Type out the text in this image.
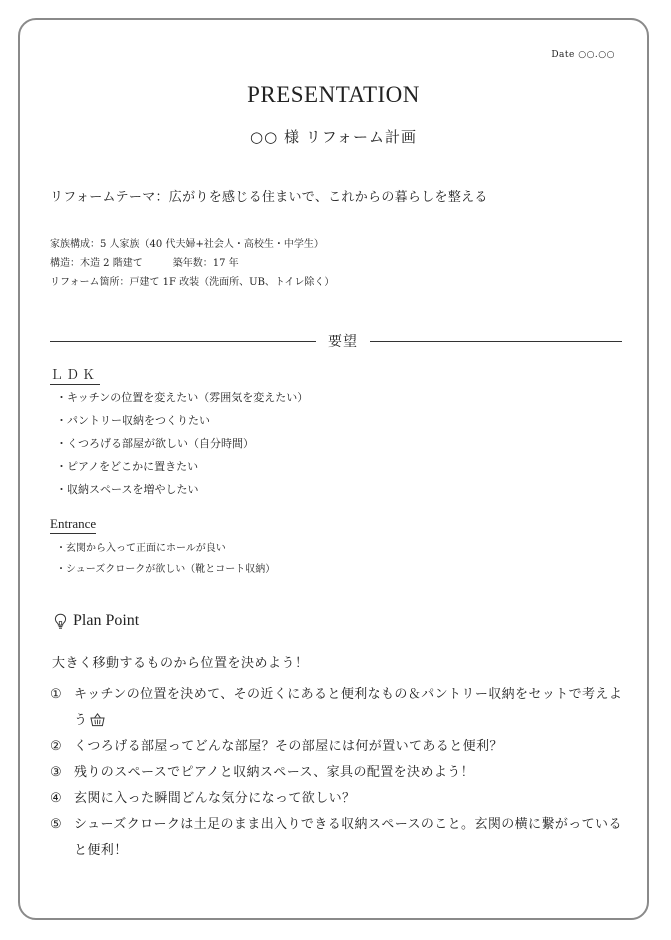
Date ○○.○○
PRESENTATION
○○ 様 リフォーム計画
リフォームテーマ：広がりを感じる住まいで、これからの暮らしを整える
家族構成：5 人家族（40 代夫婦+社会人・高校生・中学生）
構造：木造 2 階建て	築年数：17 年
リフォーム箇所：戸建て 1F 改装（洗面所、UB、トイレ除く）
要望
ＬＤＫ
・キッチンの位置を変えたい（雰囲気を変えたい）
・パントリー収納をつくりたい
・くつろげる部屋が欲しい（自分時間）
・ピアノをどこかに置きたい
・収納スペースを増やしたい
Entrance
・玄関から入って正面にホールが良い
・シューズクロークが欲しい（靴とコート収納）
Plan Point
大きく移動するものから位置を決めよう！
① キッチンの位置を決めて、その近くにあると便利なもの＆パントリー収納をセットで考えよう
② くつろげる部屋ってどんな部屋？その部屋には何が置いてあると便利？
③ 残りのスペースでピアノと収納スペース、家具の配置を決めよう！
④ 玄関に入った瞬間どんな気分になって欲しい？
⑤ シューズクロークは土足のまま出入りできる収納スペースのこと。玄関の横に繋がっていると便利！
